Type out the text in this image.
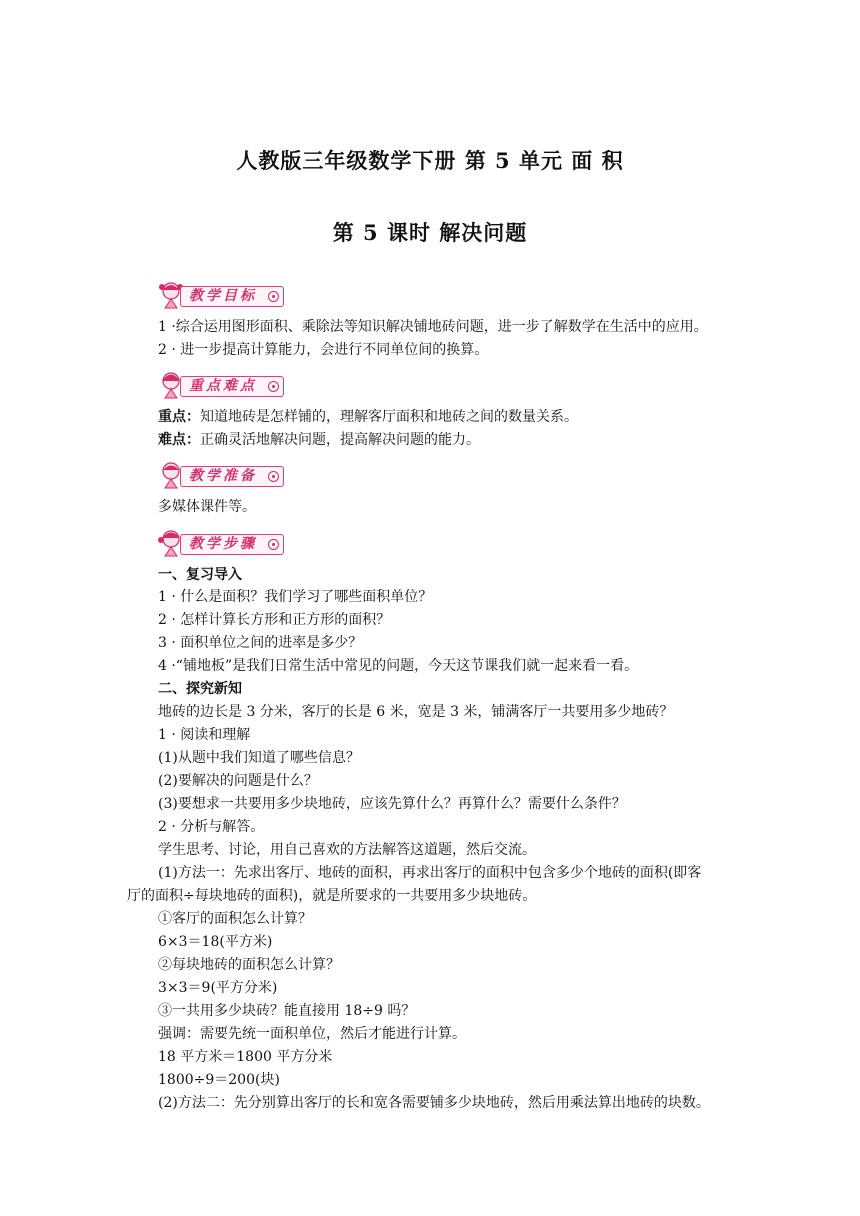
人教版三年级数学下册 第 5 单元 面 积
第 5 课时 解决问题
教学目标
1 ·综合运用图形面积、乘除法等知识解决铺地砖问题，进一步了解数学在生活中的应用。
2 · 进一步提高计算能力，会进行不同单位间的换算。
重点难点
重点：知道地砖是怎样铺的，理解客厅面积和地砖之间的数量关系。
难点：正确灵活地解决问题，提高解决问题的能力。
教学准备
多媒体课件等。
教学步骤
一、复习导入
1 · 什么是面积？我们学习了哪些面积单位？
2 · 怎样计算长方形和正方形的面积？
3 · 面积单位之间的进率是多少？
4 ·“铺地板”是我们日常生活中常见的问题，今天这节课我们就一起来看一看。
二、探究新知
地砖的边长是 3 分米，客厅的长是 6 米，宽是 3 米，铺满客厅一共要用多少地砖？
1 · 阅读和理解
(1)从题中我们知道了哪些信息？
(2)要解决的问题是什么？
(3)要想求一共要用多少块地砖，应该先算什么？再算什么？需要什么条件？
2 · 分析与解答。
学生思考、讨论，用自己喜欢的方法解答这道题，然后交流。
(1)方法一：先求出客厅、地砖的面积，再求出客厅的面积中包含多少个地砖的面积(即客
厅的面积÷每块地砖的面积)，就是所要求的一共要用多少块地砖。
①客厅的面积怎么计算？
6×3＝18(平方米)
②每块地砖的面积怎么计算？
3×3＝9(平方分米)
③一共用多少块砖？能直接用 18÷9 吗？
强调：需要先统一面积单位，然后才能进行计算。
18 平方米＝1800 平方分米
1800÷9＝200(块)
(2)方法二：先分别算出客厅的长和宽各需要铺多少块地砖，然后用乘法算出地砖的块数。
